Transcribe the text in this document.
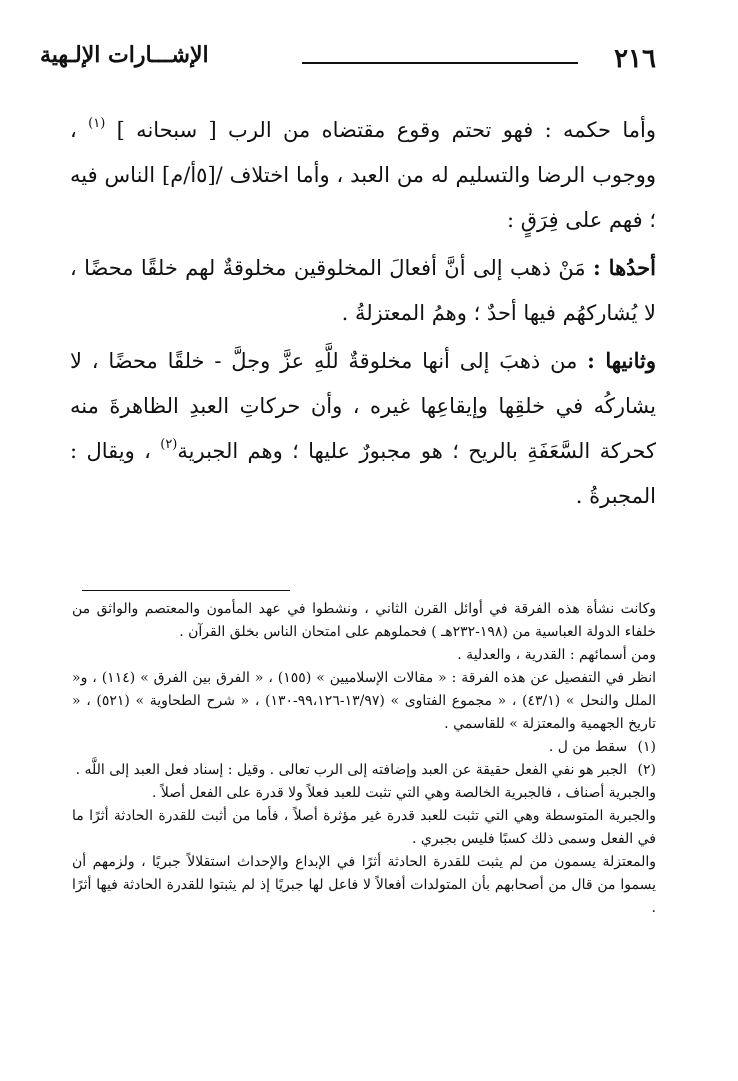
٢١٦
الإشـــارات الإلـهية

وأما حكمه : فهو تحتم وقوع مقتضاه من الرب [ سبحانه ] $^{(١)}$ ، ووجوب الرضا والتسليم له من العبد ، وأما اختلاف /[٥أ/م] الناس فيه ؛ فهم على فِرَقٍ :

أحدُها : مَنْ ذهب إلى أنَّ أفعالَ المخلوقين مخلوقةٌ لهم خلقًا محضًا ، لا يُشاركهُم فيها أحدٌ ؛ وهمُ المعتزلةُ .

وثانيها : من ذهبَ إلى أنها مخلوقةٌ للَّهِ عزَّ وجلَّ - خلقًا محضًا ، لا يشاركُه في خلقِها وإيقاعِها غيره ، وأن حركاتِ العبدِ الظاهرةَ منه كحركة السَّعَفَةِ بالريح ؛ هو مجبورٌ عليها ؛ وهم الجبرية$^{(٢)}$ ، ويقال : المجبرةُ .

وكانت نشأة هذه الفرقة في أوائل القرن الثاني ، ونشطوا في عهد المأمون والمعتصم والواثق من خلفاء الدولة العباسية من (١٩٨-٢٣٢هـ ) فحملوهم على امتحان الناس بخلق القرآن .

ومن أسمائهم : القدرية ، والعدلية .

انظر في التفصيل عن هذه الفرقة : « مقالات الإسلاميين » (١٥٥) ، « الفرق بين الفرق » (١١٤) ، و« الملل والنحل » (٤٣/١) ، « مجموع الفتاوى » (١٣/٩٧-٩٩،١٢٦-١٣٠) ، « شرح الطحاوية » (٥٢١) ، « تاريخ الجهمية والمعتزلة » للقاسمي .

(١) سقط من ل .

(٢) الجبر هو نفي الفعل حقيقة عن العبد وإضافته إلى الرب تعالى . وقيل : إسناد فعل العبد إلى اللَّه .

والجبرية أصناف ، فالجبرية الخالصة وهي التي تثبت للعبد فعلاً ولا قدرة على الفعل أصلاً .

والجبرية المتوسطة وهي التي تثبت للعبد قدرة غير مؤثرة أصلاً ، فأما من أثبت للقدرة الحادثة أثرًا ما في الفعل وسمى ذلك كسبًا فليس بجبري .

والمعتزلة يسمون من لم يثبت للقدرة الحادثة أثرًا في الإبداع والإحداث استقلالاً جبريًا ، ولزمهم أن يسموا من قال من أصحابهم بأن المتولدات أفعالاً لا فاعل لها جبريًا إذ لم يثبتوا للقدرة الحادثة فيها أثرًا .
